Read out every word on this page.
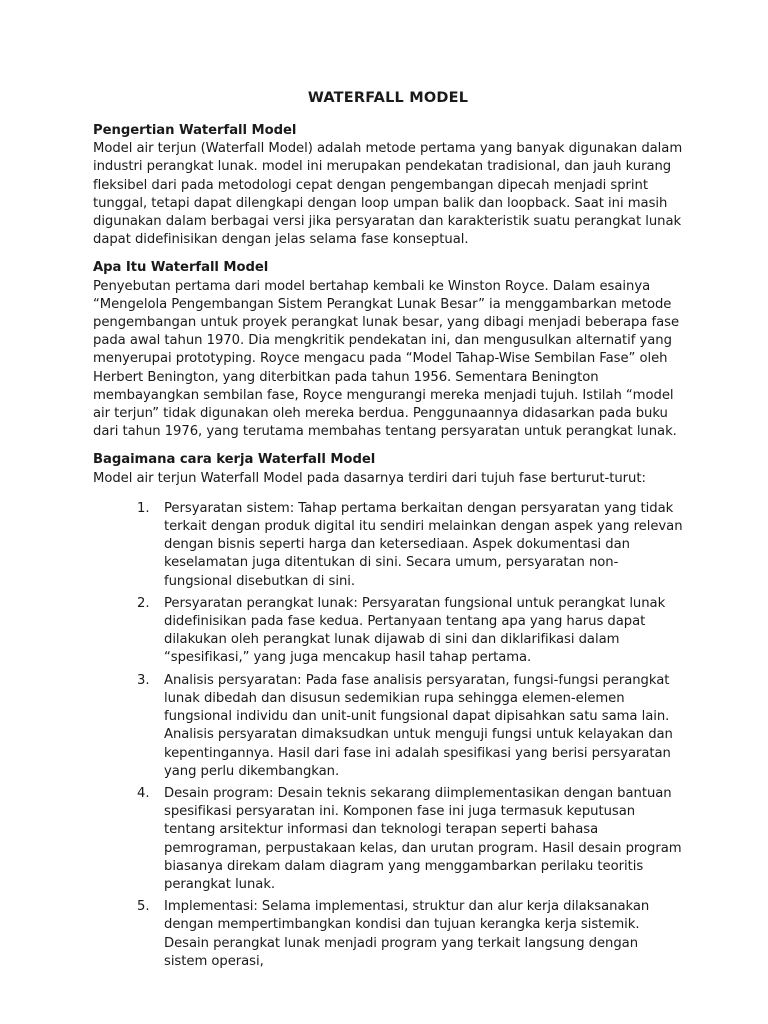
WATERFALL MODEL
Pengertian Waterfall Model
Model air terjun (Waterfall Model) adalah metode pertama yang banyak digunakan dalam industri perangkat lunak. model ini merupakan pendekatan tradisional, dan jauh kurang fleksibel dari pada metodologi cepat dengan pengembangan dipecah menjadi sprint tunggal, tetapi dapat dilengkapi dengan loop umpan balik dan loopback. Saat ini masih digunakan dalam berbagai versi jika persyaratan dan karakteristik suatu perangkat lunak dapat didefinisikan dengan jelas selama fase konseptual.
Apa Itu Waterfall Model
Penyebutan pertama dari model bertahap kembali ke Winston Royce. Dalam esainya “Mengelola Pengembangan Sistem Perangkat Lunak Besar” ia menggambarkan metode pengembangan untuk proyek perangkat lunak besar, yang dibagi menjadi beberapa fase pada awal tahun 1970. Dia mengkritik pendekatan ini, dan mengusulkan alternatif yang menyerupai prototyping. Royce mengacu pada “Model Tahap-Wise Sembilan Fase” oleh Herbert Benington, yang diterbitkan pada tahun 1956. Sementara Benington membayangkan sembilan fase, Royce mengurangi mereka menjadi tujuh. Istilah “model air terjun” tidak digunakan oleh mereka berdua. Penggunaannya didasarkan pada buku dari tahun 1976, yang terutama membahas tentang persyaratan untuk perangkat lunak.
Bagaimana cara kerja Waterfall Model
Model air terjun Waterfall Model pada dasarnya terdiri dari tujuh fase berturut-turut:
1. Persyaratan sistem: Tahap pertama berkaitan dengan persyaratan yang tidak terkait dengan produk digital itu sendiri melainkan dengan aspek yang relevan dengan bisnis seperti harga dan ketersediaan. Aspek dokumentasi dan keselamatan juga ditentukan di sini. Secara umum, persyaratan non-fungsional disebutkan di sini.
2. Persyaratan perangkat lunak: Persyaratan fungsional untuk perangkat lunak didefinisikan pada fase kedua. Pertanyaan tentang apa yang harus dapat dilakukan oleh perangkat lunak dijawab di sini dan diklarifikasi dalam “spesifikasi,” yang juga mencakup hasil tahap pertama.
3. Analisis persyaratan: Pada fase analisis persyaratan, fungsi-fungsi perangkat lunak dibedah dan disusun sedemikian rupa sehingga elemen-elemen fungsional individu dan unit-unit fungsional dapat dipisahkan satu sama lain. Analisis persyaratan dimaksudkan untuk menguji fungsi untuk kelayakan dan kepentingannya. Hasil dari fase ini adalah spesifikasi yang berisi persyaratan yang perlu dikembangkan.
4. Desain program: Desain teknis sekarang diimplementasikan dengan bantuan spesifikasi persyaratan ini. Komponen fase ini juga termasuk keputusan tentang arsitektur informasi dan teknologi terapan seperti bahasa pemrograman, perpustakaan kelas, dan urutan program. Hasil desain program biasanya direkam dalam diagram yang menggambarkan perilaku teoritis perangkat lunak.
5. Implementasi: Selama implementasi, struktur dan alur kerja dilaksanakan dengan mempertimbangkan kondisi dan tujuan kerangka kerja sistemik. Desain perangkat lunak menjadi program yang terkait langsung dengan sistem operasi,
